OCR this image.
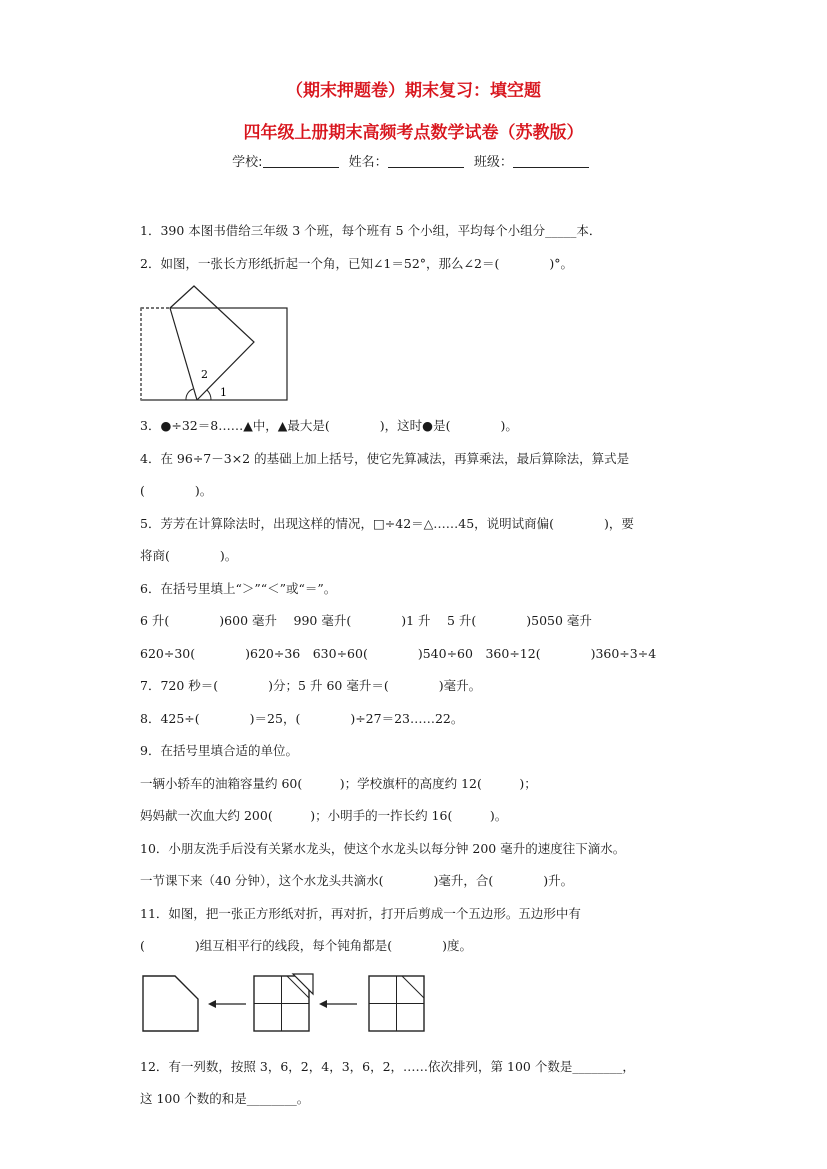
（期末押题卷）期末复习：填空题
四年级上册期末高频考点数学试卷（苏教版）
学校:	姓名：	班级：
1．390 本图书借给三年级 3 个班，每个班有 5 个小组，平均每个小组分_____本．
2．如图，一张长方形纸折起一个角，已知∠1＝52°，那么∠2＝(　　　　)°。
2
1
3．●÷32＝8……▲中，▲最大是(　　　　)，这时●是(　　　　)。
4．在 96÷7－3×2 的基础上加上括号，使它先算减法，再算乘法，最后算除法，算式是
(　　　　)。
5．芳芳在计算除法时，出现这样的情况，□÷42＝△……45，说明试商偏(　　　　)，要
将商(　　　　)。
6．在括号里填上“＞”“＜”或“＝”。
6 升(　　　　)600 毫升　 990 毫升(　　　　)1 升　 5 升(　　　　)5050 毫升
620÷30(　　　　)620÷36　630÷60(　　　　)540÷60　360÷12(　　　　)360÷3÷4
7．720 秒＝(　　　　)分；5 升 60 毫升＝(　　　　)毫升。
8．425÷(　　　　)＝25，(　　　　)÷27＝23……22。
9．在括号里填合适的单位。
一辆小轿车的油箱容量约 60(　　　)；学校旗杆的高度约 12(　　　)；
妈妈献一次血大约 200(　　　)；小明手的一拃长约 16(　　　)。
10．小朋友洗手后没有关紧水龙头，使这个水龙头以每分钟 200 毫升的速度往下滴水。
一节课下来（40 分钟），这个水龙头共滴水(　　　　)毫升，合(　　　　)升。
11．如图，把一张正方形纸对折，再对折，打开后剪成一个五边形。五边形中有
(　　　　)组互相平行的线段，每个钝角都是(　　　　)度。
12．有一列数，按照 3，6，2，4，3，6，2，……依次排列，第 100 个数是________，
这 100 个数的和是________。
